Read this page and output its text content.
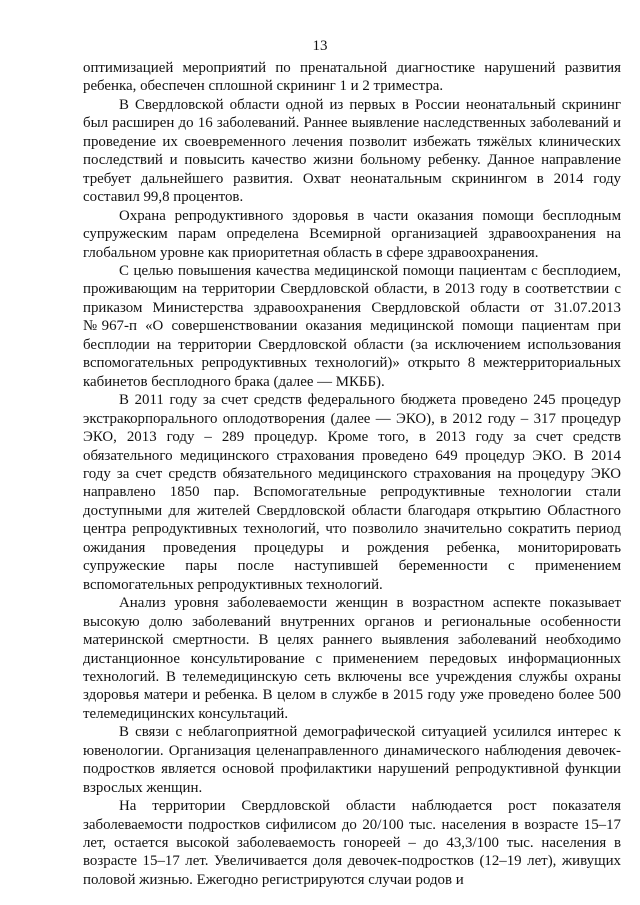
13

оптимизацией мероприятий по пренатальной диагностике нарушений развития ребенка, обеспечен сплошной скрининг 1 и 2 триместра.

В Свердловской области одной из первых в России неонатальный скрининг был расширен до 16 заболеваний. Раннее выявление наследственных заболеваний и проведение их своевременного лечения позволит избежать тяжёлых клинических последствий и повысить качество жизни больному ребенку. Данное направление требует дальнейшего развития. Охват неонатальным скринингом в 2014 году составил 99,8 процентов.

Охрана репродуктивного здоровья в части оказания помощи бесплодным супружеским парам определена Всемирной организацией здравоохранения на глобальном уровне как приоритетная область в сфере здравоохранения.

С целью повышения качества медицинской помощи пациентам с бесплодием, проживающим на территории Свердловской области, в 2013 году в соответствии с приказом Министерства здравоохранения Свердловской области от 31.07.2013 №967-п «О совершенствовании оказания медицинской помощи пациентам при бесплодии на территории Свердловской области (за исключением использования вспомогательных репродуктивных технологий)» открыто 8 межтерриториальных кабинетов бесплодного брака (далее — МКББ).

В 2011 году за счет средств федерального бюджета проведено 245 процедур экстракорпорального оплодотворения (далее — ЭКО), в 2012 году – 317 процедур ЭКО, 2013 году – 289 процедур. Кроме того, в 2013 году за счет средств обязательного медицинского страхования проведено 649 процедур ЭКО. В 2014 году за счет средств обязательного медицинского страхования на процедуру ЭКО направлено 1850 пар. Вспомогательные репродуктивные технологии стали доступными для жителей Свердловской области благодаря открытию Областного центра репродуктивных технологий, что позволило значительно сократить период ожидания проведения процедуры и рождения ребенка, мониторировать супружеские пары после наступившей беременности с применением вспомогательных репродуктивных технологий.

Анализ уровня заболеваемости женщин в возрастном аспекте показывает высокую долю заболеваний внутренних органов и региональные особенности материнской смертности. В целях раннего выявления заболеваний необходимо дистанционное консультирование с применением передовых информационных технологий. В телемедицинскую сеть включены все учреждения службы охраны здоровья матери и ребенка. В целом в службе в 2015 году уже проведено более 500 телемедицинских консультаций.

В связи с неблагоприятной демографической ситуацией усилился интерес к ювенологии. Организация целенаправленного динамического наблюдения девочек-подростков является основой профилактики нарушений репродуктивной функции взрослых женщин.

На территории Свердловской области наблюдается рост показателя заболеваемости подростков сифилисом до 20/100 тыс. населения в возрасте 15–17 лет, остается высокой заболеваемость гонореей – до 43,3/100 тыс. населения в возрасте 15–17 лет. Увеличивается доля девочек-подростков (12–19 лет), живущих половой жизнью. Ежегодно регистрируются случаи родов и
